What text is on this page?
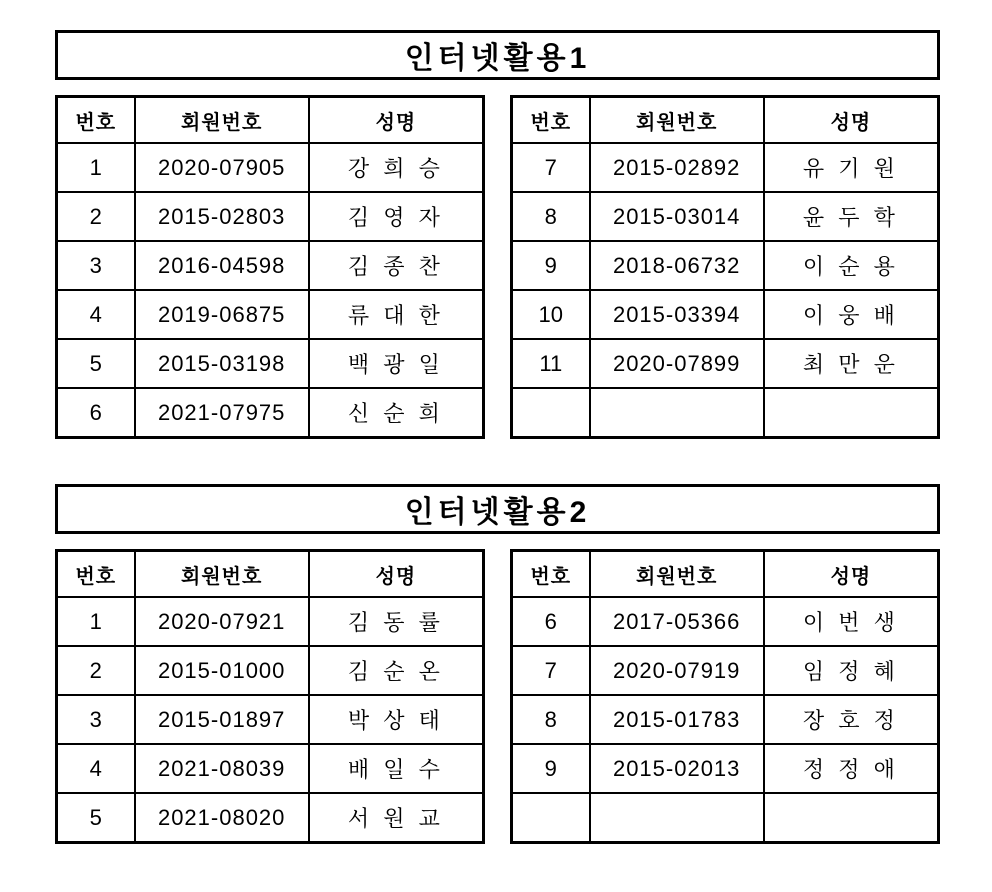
인터넷활용1
번호	회원번호	성명
1	2020-07905	강 희 승
2	2015-02803	김 영 자
3	2016-04598	김 종 찬
4	2019-06875	류 대 한
5	2015-03198	백 광 일
6	2021-07975	신 순 희
번호	회원번호	성명
7	2015-02892	유 기 원
8	2015-03014	윤 두 학
9	2018-06732	이 순 용
10	2015-03394	이 웅 배
11	2020-07899	최 만 운

인터넷활용2
번호	회원번호	성명
1	2020-07921	김 동 률
2	2015-01000	김 순 온
3	2015-01897	박 상 태
4	2021-08039	배 일 수
5	2021-08020	서 원 교
번호	회원번호	성명
6	2017-05366	이 번 생
7	2020-07919	임 정 혜
8	2015-01783	장 호 정
9	2015-02013	정 정 애
